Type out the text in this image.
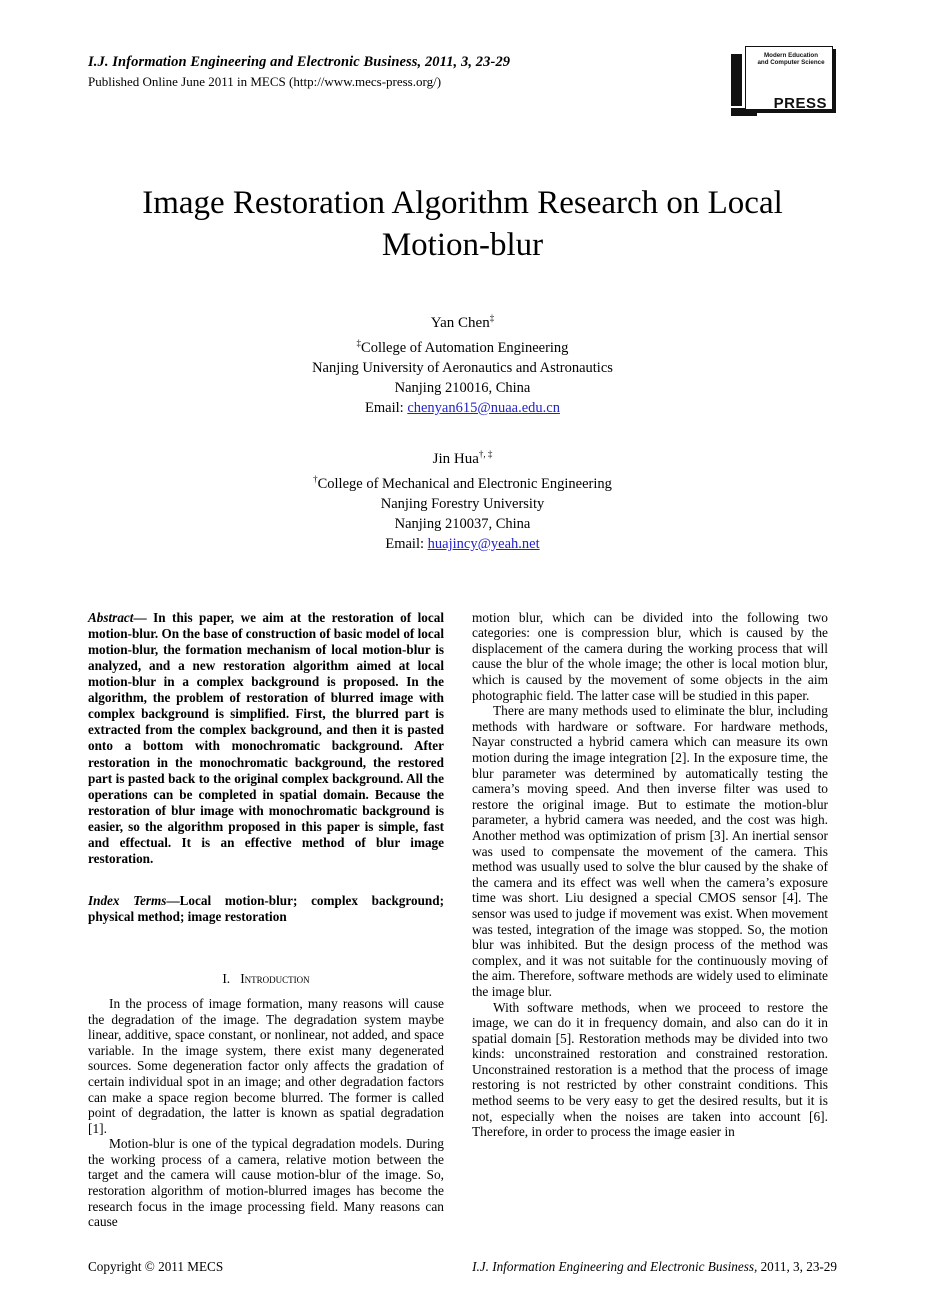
I.J. Information Engineering and Electronic Business, 2011, 3, 23-29
Published Online June 2011 in MECS (http://www.mecs-press.org/)
Modern Education
and Computer Science
PRESS
Image Restoration Algorithm Research on Local Motion-blur
Yan Chen‡
‡College of Automation Engineering
Nanjing University of Aeronautics and Astronautics
Nanjing 210016, China
Email: chenyan615@nuaa.edu.cn
Jin Hua†, ‡
†College of Mechanical and Electronic Engineering
Nanjing Forestry University
Nanjing 210037, China
Email: huajincy@yeah.net
Abstract— In this paper, we aim at the restoration of local motion-blur. On the base of construction of basic model of local motion-blur, the formation mechanism of local motion-blur is analyzed, and a new restoration algorithm aimed at local motion-blur in a complex background is proposed. In the algorithm, the problem of restoration of blurred image with complex background is simplified. First, the blurred part is extracted from the complex background, and then it is pasted onto a bottom with monochromatic background. After restoration in the monochromatic background, the restored part is pasted back to the original complex background. All the operations can be completed in spatial domain. Because the restoration of blur image with monochromatic background is easier, so the algorithm proposed in this paper is simple, fast and effectual. It is an effective method of blur image restoration.
Index Terms—Local motion-blur; complex background; physical method; image restoration
I. Introduction

In the process of image formation, many reasons will cause the degradation of the image. The degradation system maybe linear, additive, space constant, or nonlinear, not added, and space variable. In the image system, there exist many degenerated sources. Some degeneration factor only affects the gradation of certain individual spot in an image; and other degradation factors can make a space region become blurred. The former is called point of degradation, the latter is known as spatial degradation [1].

Motion-blur is one of the typical degradation models. During the working process of a camera, relative motion between the target and the camera will cause motion-blur of the image. So, restoration algorithm of motion-blurred images has become the research focus in the image processing field. Many reasons can cause

motion blur, which can be divided into the following two categories: one is compression blur, which is caused by the displacement of the camera during the working process that will cause the blur of the whole image; the other is local motion blur, which is caused by the movement of some objects in the aim photographic field. The latter case will be studied in this paper.

There are many methods used to eliminate the blur, including methods with hardware or software. For hardware methods, Nayar constructed a hybrid camera which can measure its own motion during the image integration [2]. In the exposure time, the blur parameter was determined by automatically testing the camera’s moving speed. And then inverse filter was used to restore the original image. But to estimate the motion-blur parameter, a hybrid camera was needed, and the cost was high. Another method was optimization of prism [3]. An inertial sensor was used to compensate the movement of the camera. This method was usually used to solve the blur caused by the shake of the camera and its effect was well when the camera’s exposure time was short. Liu designed a special CMOS sensor [4]. The sensor was used to judge if movement was exist. When movement was tested, integration of the image was stopped. So, the motion blur was inhibited. But the design process of the method was complex, and it was not suitable for the continuously moving of the aim. Therefore, software methods are widely used to eliminate the image blur.

With software methods, when we proceed to restore the image, we can do it in frequency domain, and also can do it in spatial domain [5]. Restoration methods may be divided into two kinds: unconstrained restoration and constrained restoration. Unconstrained restoration is a method that the process of image restoring is not restricted by other constraint conditions. This method seems to be very easy to get the desired results, but it is not, especially when the noises are taken into account [6]. Therefore, in order to process the image easier in

Copyright © 2011 MECS	I.J. Information Engineering and Electronic Business, 2011, 3, 23-29
